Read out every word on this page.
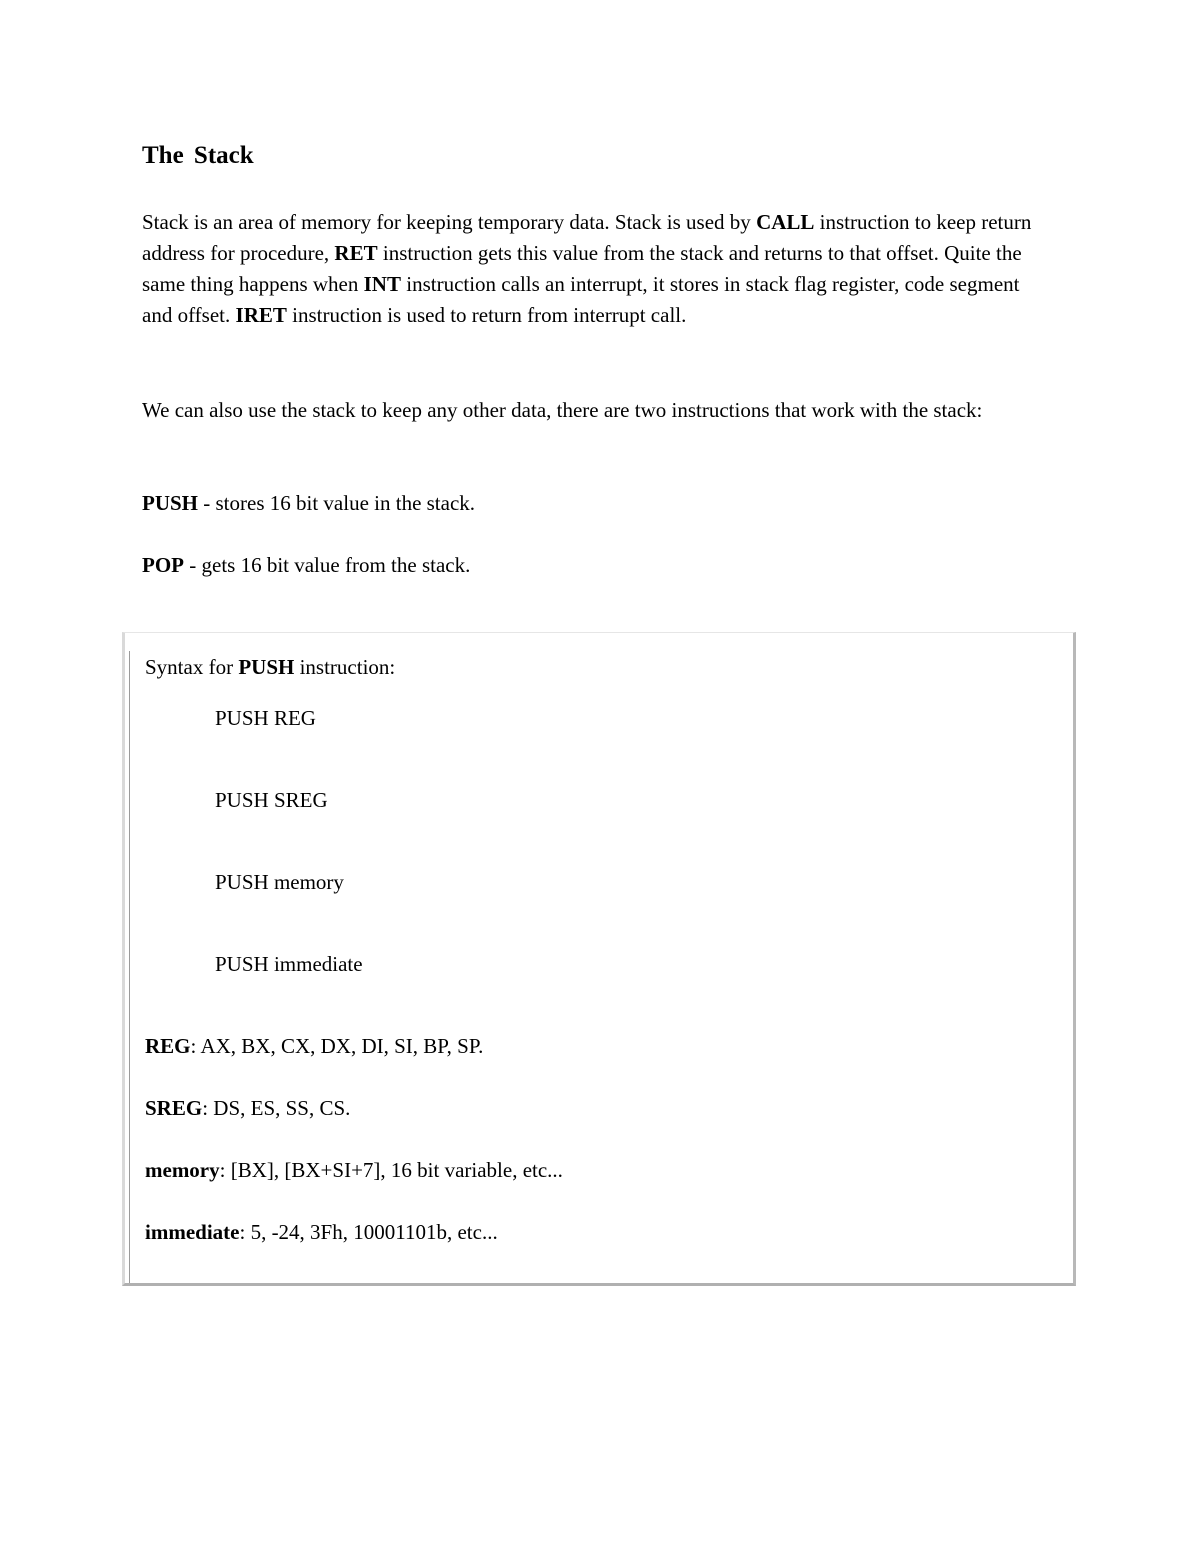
The Stack

Stack is an area of memory for keeping temporary data. Stack is used by CALL instruction to keep return address for procedure, RET instruction gets this value from the stack and returns to that offset. Quite the same thing happens when INT instruction calls an interrupt, it stores in stack flag register, code segment and offset. IRET instruction is used to return from interrupt call.

We can also use the stack to keep any other data, there are two instructions that work with the stack:

PUSH - stores 16 bit value in the stack.

POP - gets 16 bit value from the stack.

Syntax for PUSH instruction:

PUSH REG

PUSH SREG

PUSH memory

PUSH immediate

REG: AX, BX, CX, DX, DI, SI, BP, SP.

SREG: DS, ES, SS, CS.

memory: [BX], [BX+SI+7], 16 bit variable, etc...

immediate: 5, -24, 3Fh, 10001101b, etc...
